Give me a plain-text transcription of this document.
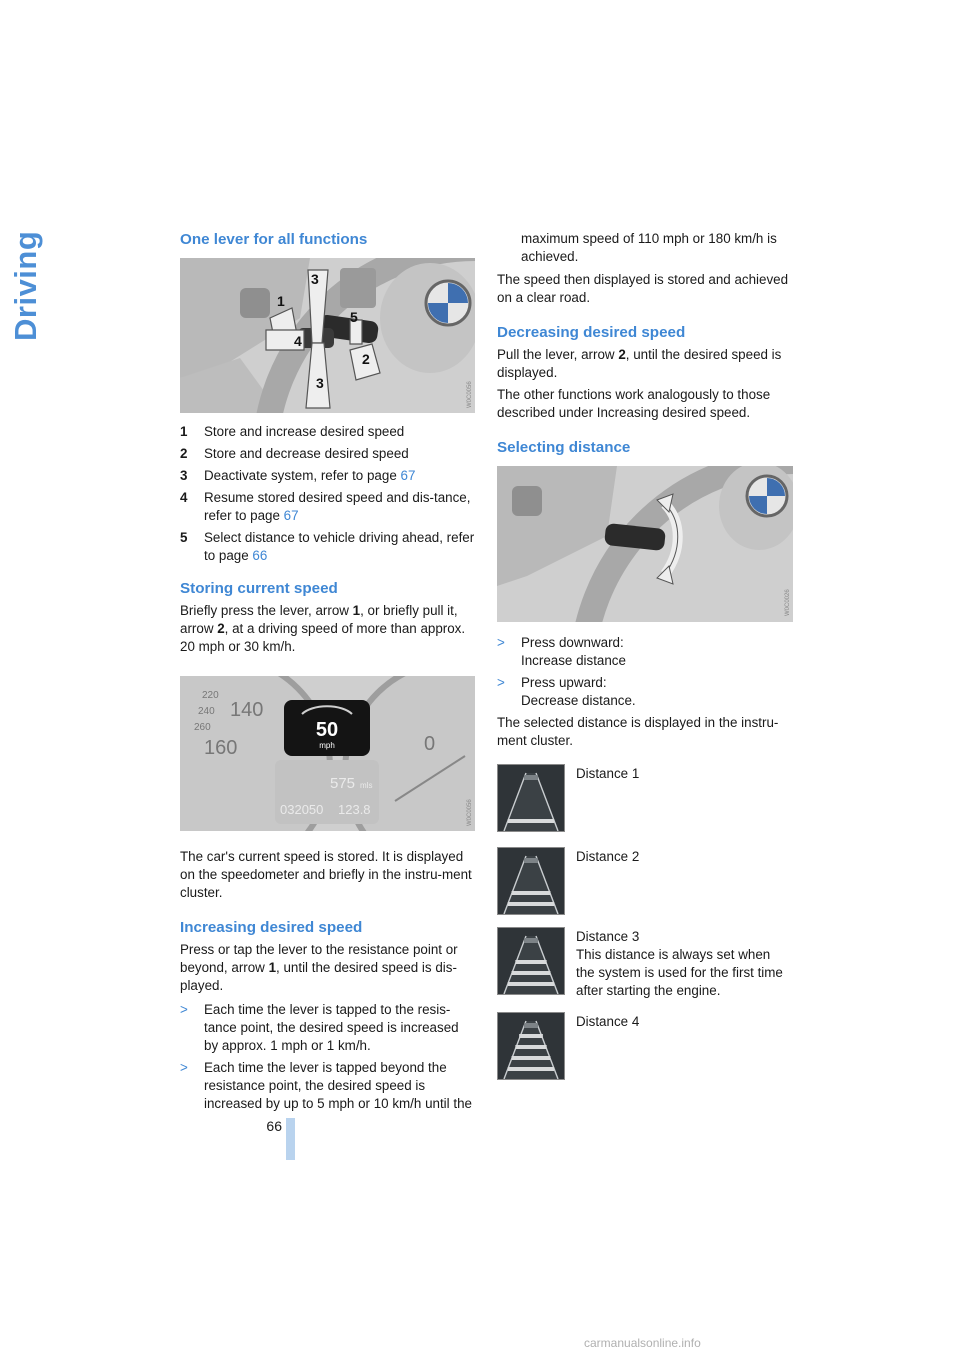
Driving
66
One lever for all functions
1
2
3
3
4
5
W0C0056
1	Store and increase desired speed
2	Store and decrease desired speed
3	Deactivate system, refer to page 67
4	Resume stored desired speed and dis-tance, refer to page 67
5	Select distance to vehicle driving ahead, refer to page 66
Storing current speed

Briefly press the lever, arrow 1, or briefly pull it, arrow 2, at a driving speed of more than approx. 20 mph or 30 km/h.

220
140
240
260
160	0
50
mph
575 mls
032050 123.8	W0C0056

The car's current speed is stored. It is displayed on the speedometer and briefly in the instru-ment cluster.

Increasing desired speed

Press or tap the lever to the resistance point or beyond, arrow 1, until the desired speed is dis-played.

>	Each time the lever is tapped to the resis-tance point, the desired speed is increased by approx. 1 mph or 1 km/h.
>	Each time the lever is tapped beyond the resistance point, the desired speed is increased by up to 5 mph or 10 km/h until the
maximum speed of 110 mph or 180 km/h is achieved.

The speed then displayed is stored and achieved on a clear road.

Decreasing desired speed

Pull the lever, arrow 2, until the desired speed is displayed.

The other functions work analogously to those described under Increasing desired speed.

Selecting distance
W0C0026
>	Press downward:
Increase distance
>	Press upward:
Decrease distance.

The selected distance is displayed in the instru-ment cluster.

Distance 1
Distance 2
Distance 3
This distance is always set when the system is used for the first time after starting the engine.
Distance 4
carmanualsonline.info
